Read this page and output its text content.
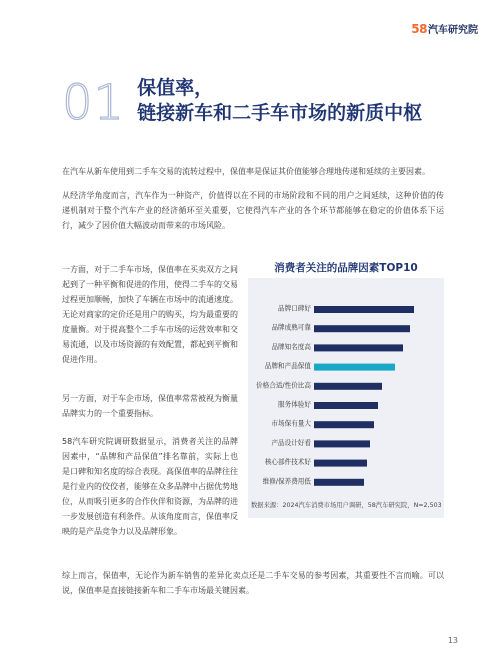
58 汽车研究院
01 保值率，
链接新车和二手车市场的新质中枢

在汽车从新车使用到二手车交易的流转过程中，保值率是保证其价值能够合理地传递和延续的主要因素。

从经济学角度而言，汽车作为一种资产，价值得以在不同的市场阶段和不同的用户之间延续，这种价值的传递机制对于整个汽车产业的经济循环至关重要，它使得汽车产业的各个环节都能够在稳定的价值体系下运行，减少了因价值大幅波动而带来的市场风险。

一方面，对于二手车市场，保值率在买卖双方之间起到了一种平衡和促进的作用，使得二手车的交易过程更加顺畅，加快了车辆在市场中的流通速度。无论对商家的定价还是用户的购买，均为最重要的度量衡。对于提高整个二手车市场的运营效率和交易流通，以及市场资源的有效配置，都起到平衡和促进作用。

另一方面，对于车企市场，保值率常常被视为衡量品牌实力的一个重要指标。

58汽车研究院调研数据显示，消费者关注的品牌因素中，“品牌和产品保值”排名靠前，实际上也是口碑和知名度的综合表现。高保值率的品牌往往是行业内的佼佼者，能够在众多品牌中占据优势地位，从而吸引更多的合作伙伴和资源，为品牌的进一步发展创造有利条件。从该角度而言，保值率反映的是产品竞争力以及品牌形象。

消费者关注的品牌因素TOP10
品牌口碑好
品牌成熟可靠
品牌知名度高
品牌和产品保值
价格合适/性价比高
服务体验好
市场保有量大
产品设计好看
核心部件技术好
维修/保养费用低
数据来源：2024汽车消费市场用户调研，58汽车研究院，N=2,503

综上而言，保值率，无论作为新车销售的差异化卖点还是二手车交易的参考因素，其重要性不言而喻。可以说，保值率是直接链接新车和二手车市场最关键因素。

13
